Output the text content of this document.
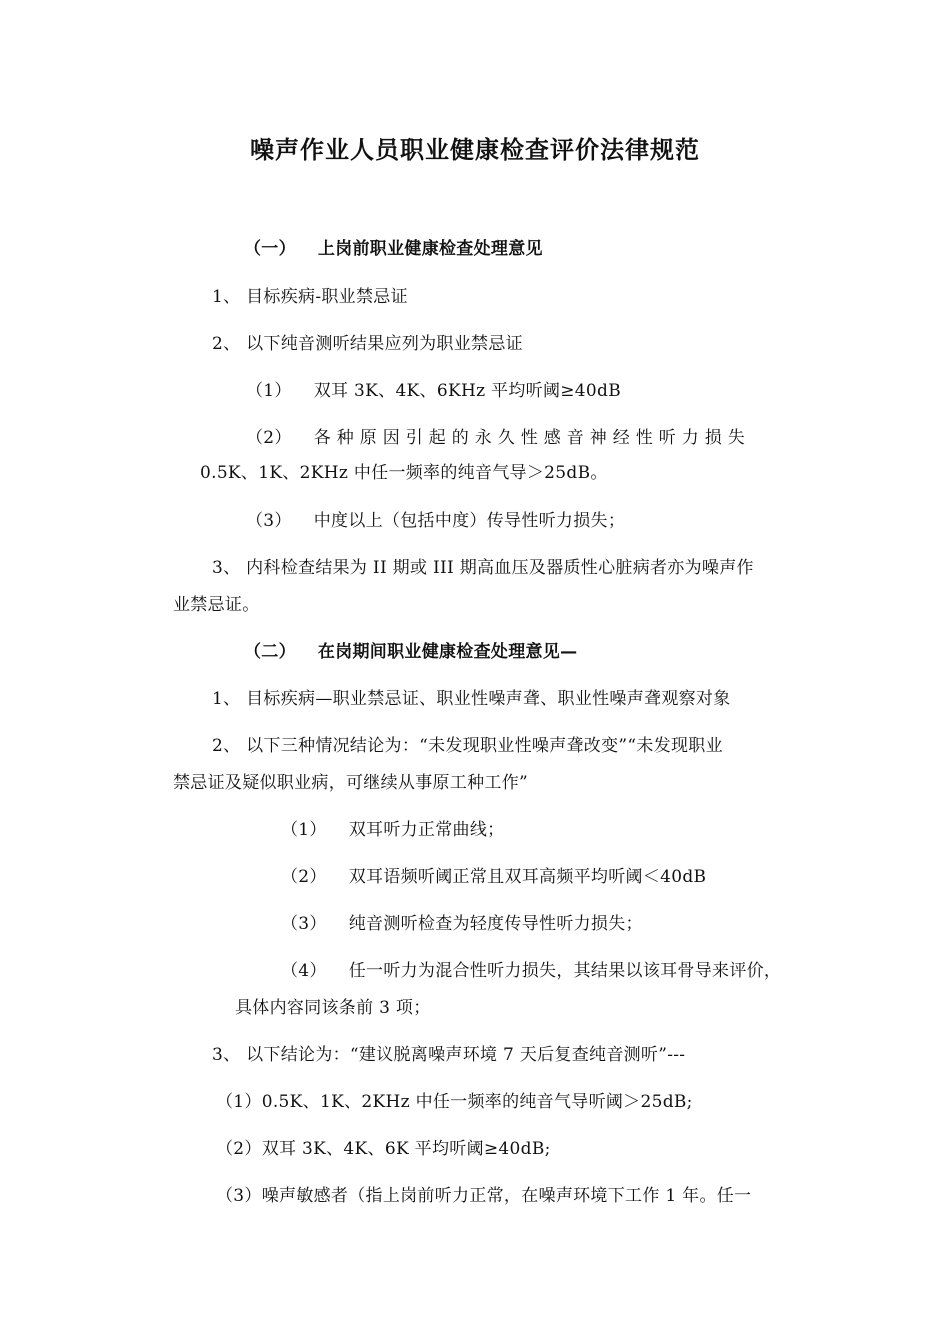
噪声作业人员职业健康检查评价法律规范
（一） 上岗前职业健康检查处理意见
1、 目标疾病-职业禁忌证
2、 以下纯音测听结果应列为职业禁忌证
（1） 双耳 3K、4K、6KHz 平均听阈≥40dB
（2） 各种原因引起的永久性感音神经性听力损失
0.5K、1K、2KHz 中任一频率的纯音气导＞25dB。
（3） 中度以上（包括中度）传导性听力损失；
3、 内科检查结果为 II 期或 III 期高血压及器质性心脏病者亦为噪声作
业禁忌证。
（二） 在岗期间职业健康检查处理意见—
1、 目标疾病—职业禁忌证、职业性噪声聋、职业性噪声聋观察对象
2、 以下三种情况结论为：“未发现职业性噪声聋改变”“未发现职业
禁忌证及疑似职业病，可继续从事原工种工作”
（1） 双耳听力正常曲线；
（2） 双耳语频听阈正常且双耳高频平均听阈＜40dB
（3） 纯音测听检查为轻度传导性听力损失；
（4） 任一听力为混合性听力损失，其结果以该耳骨导来评价，
具体内容同该条前 3 项；
3、 以下结论为：“建议脱离噪声环境 7 天后复查纯音测听”---
（1）0.5K、1K、2KHz 中任一频率的纯音气导听阈＞25dB;
（2）双耳 3K、4K、6K 平均听阈≥40dB;
（3）噪声敏感者（指上岗前听力正常，在噪声环境下工作 1 年。任一
